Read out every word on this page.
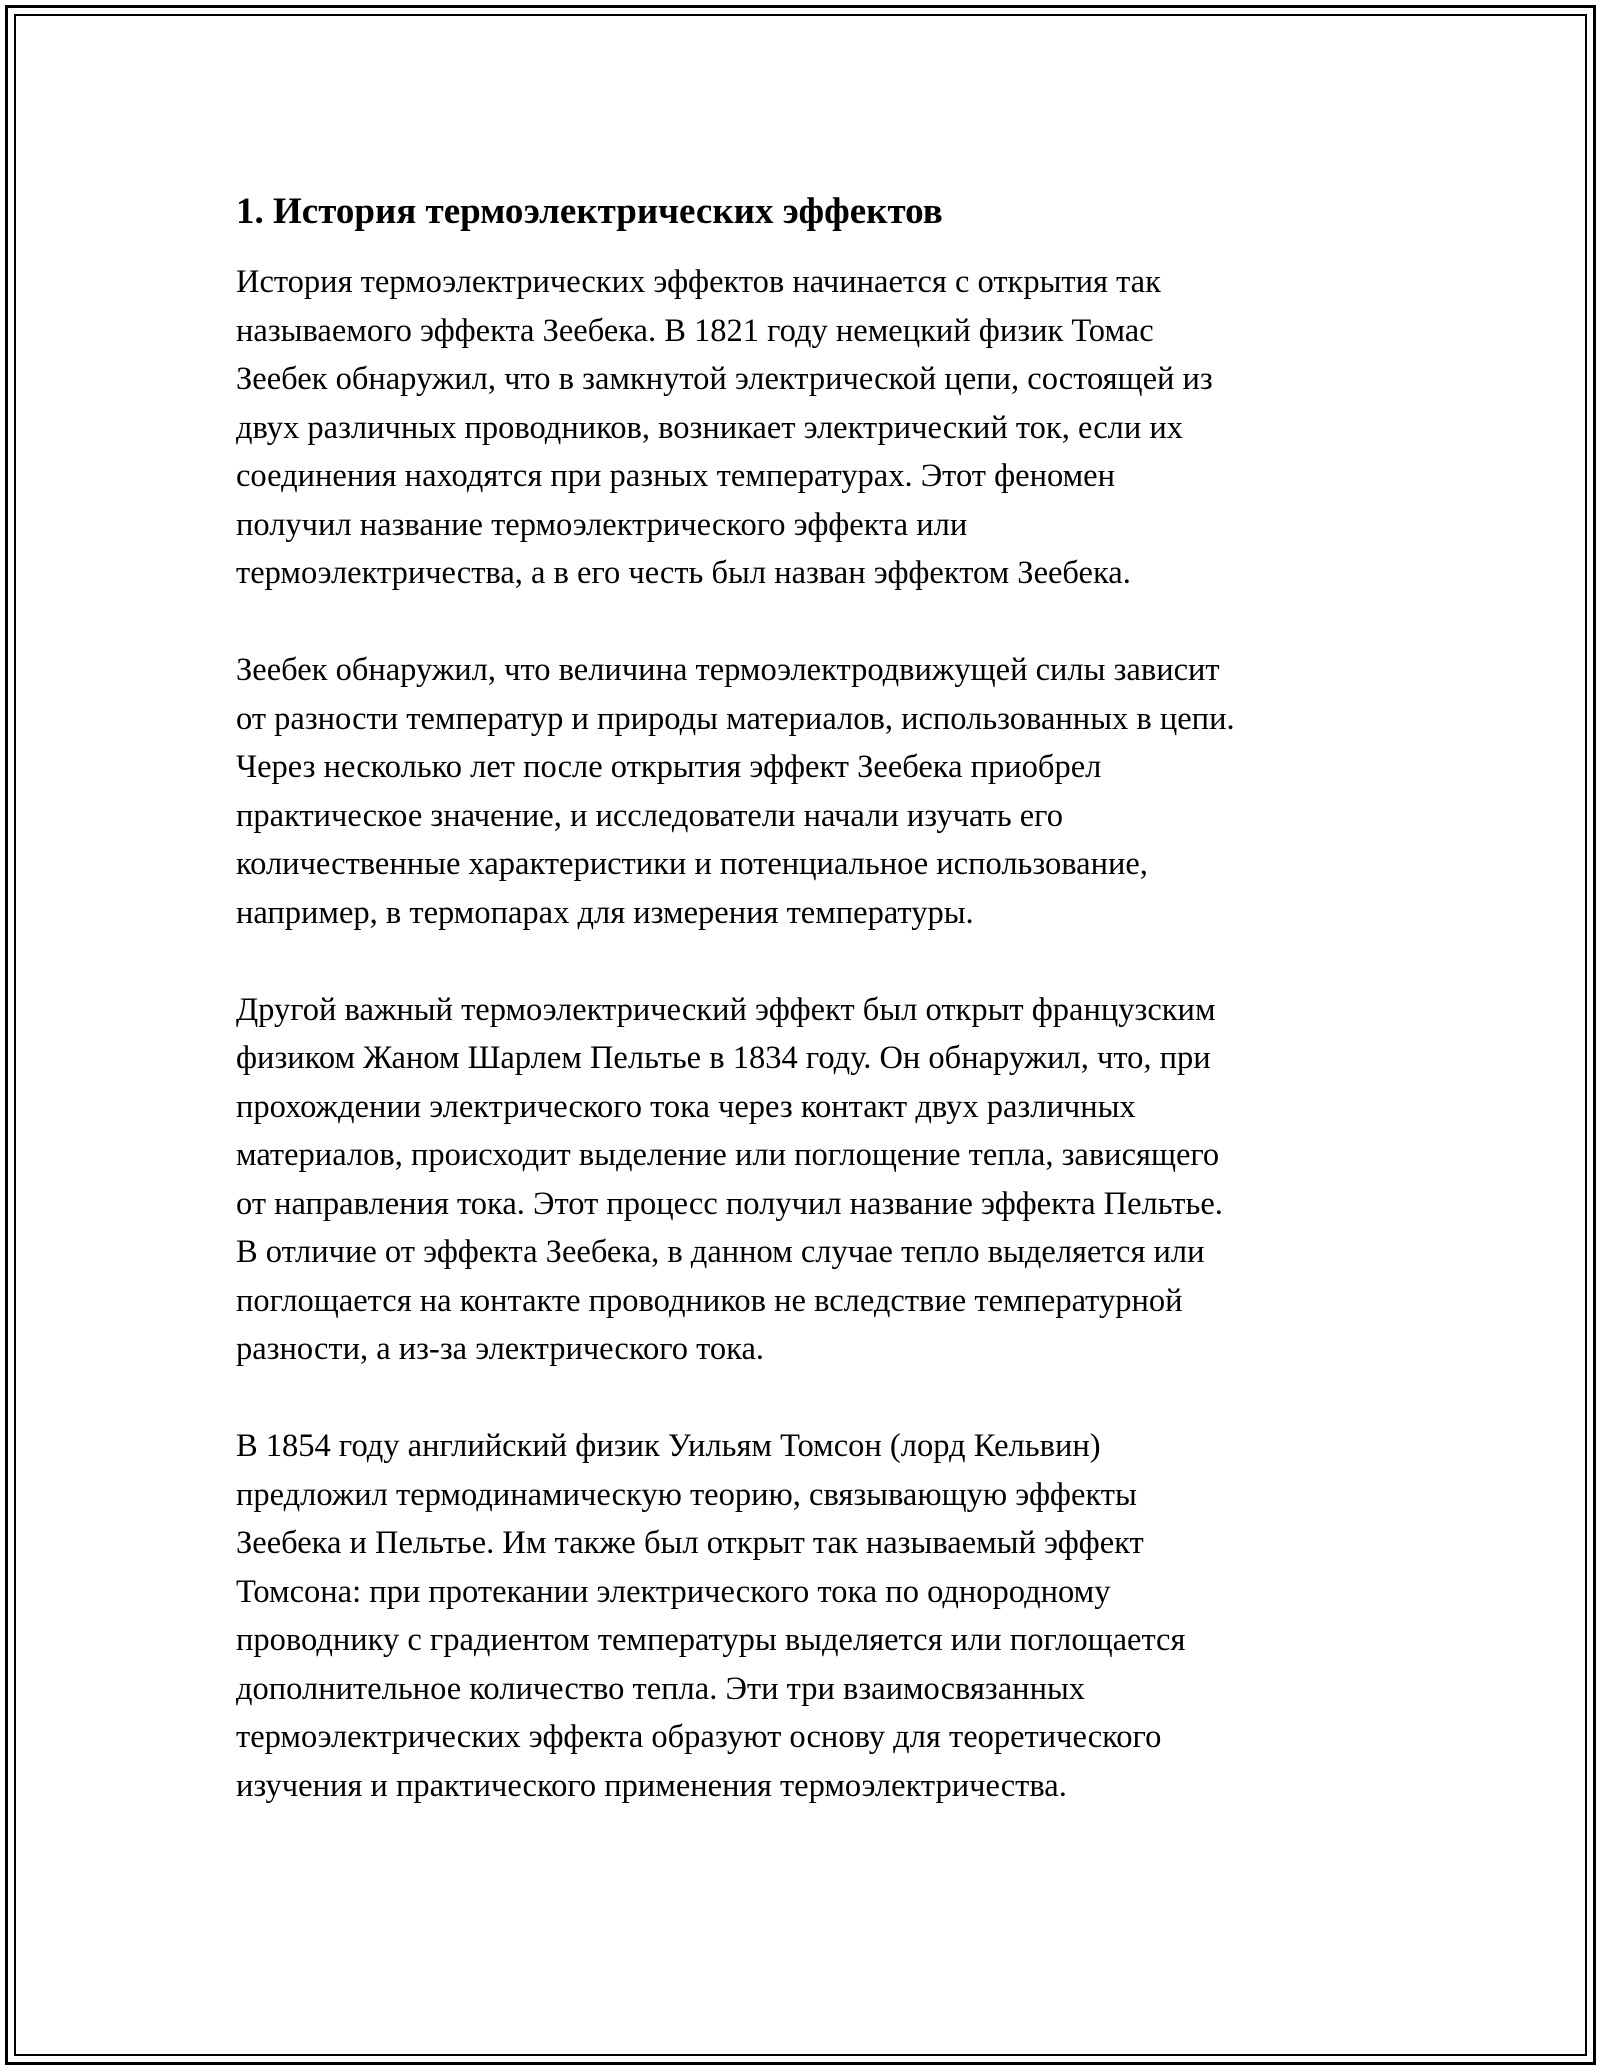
1. История термоэлектрических эффектов
История термоэлектрических эффектов начинается с открытия так
называемого эффекта Зеебека. В 1821 году немецкий физик Томас
Зеебек обнаружил, что в замкнутой электрической цепи, состоящей из
двух различных проводников, возникает электрический ток, если их
соединения находятся при разных температурах. Этот феномен
получил название термоэлектрического эффекта или
термоэлектричества, а в его честь был назван эффектом Зеебека.
Зеебек обнаружил, что величина термоэлектродвижущей силы зависит
от разности температур и природы материалов, использованных в цепи.
Через несколько лет после открытия эффект Зеебека приобрел
практическое значение, и исследователи начали изучать его
количественные характеристики и потенциальное использование,
например, в термопарах для измерения температуры.
Другой важный термоэлектрический эффект был открыт французским
физиком Жаном Шарлем Пельтье в 1834 году. Он обнаружил, что, при
прохождении электрического тока через контакт двух различных
материалов, происходит выделение или поглощение тепла, зависящего
от направления тока. Этот процесс получил название эффекта Пельтье.
В отличие от эффекта Зеебека, в данном случае тепло выделяется или
поглощается на контакте проводников не вследствие температурной
разности, а из-за электрического тока.
В 1854 году английский физик Уильям Томсон (лорд Кельвин)
предложил термодинамическую теорию, связывающую эффекты
Зеебека и Пельтье. Им также был открыт так называемый эффект
Томсона: при протекании электрического тока по однородному
проводнику с градиентом температуры выделяется или поглощается
дополнительное количество тепла. Эти три взаимосвязанных
термоэлектрических эффекта образуют основу для теоретического
изучения и практического применения термоэлектричества.
